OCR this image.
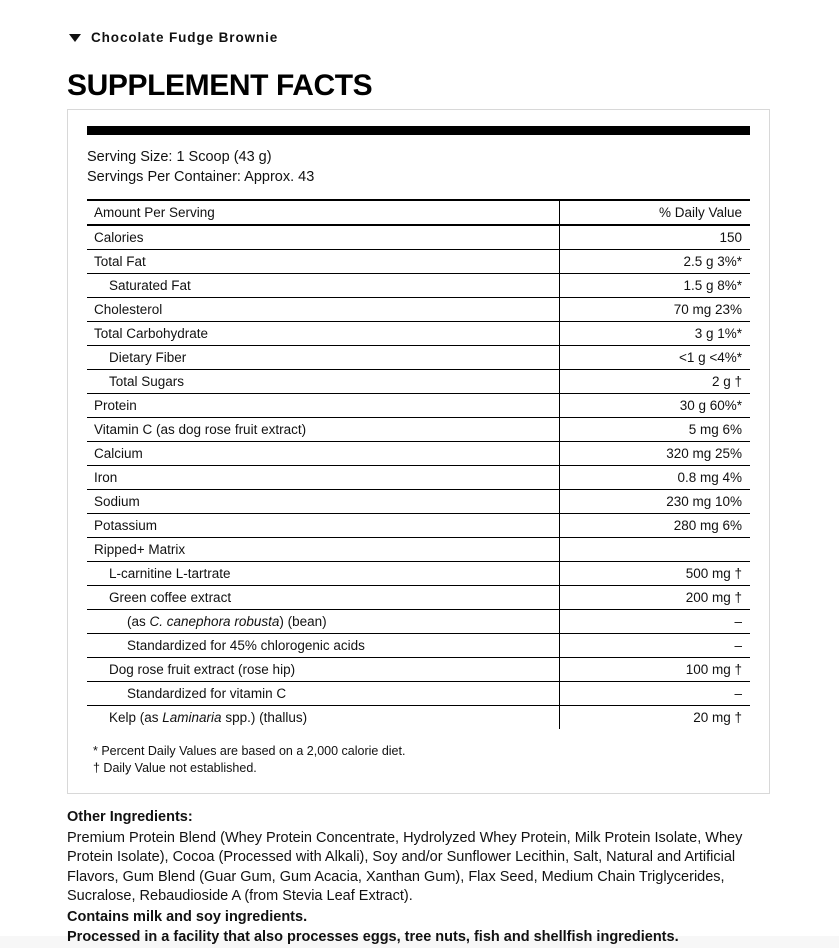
Chocolate Fudge Brownie
SUPPLEMENT FACTS
Serving Size: 1 Scoop (43 g)
Servings Per Container: Approx. 43
Amount Per Serving	% Daily Value
Calories	150
Total Fat	2.5 g 3%*
Saturated Fat	1.5 g 8%*
Cholesterol	70 mg 23%
Total Carbohydrate	3 g 1%*
Dietary Fiber	<1 g <4%*
Total Sugars	2 g †
Protein	30 g 60%*
Vitamin C (as dog rose fruit extract)	5 mg 6%
Calcium	320 mg 25%
Iron	0.8 mg 4%
Sodium	230 mg 10%
Potassium	280 mg 6%
Ripped+ Matrix	
L-carnitine L-tartrate	500 mg †
Green coffee extract	200 mg †
(as C. canephora robusta) (bean)	–
Standardized for 45% chlorogenic acids	–
Dog rose fruit extract (rose hip)	100 mg †
Standardized for vitamin C	–
Kelp (as Laminaria spp.) (thallus)	20 mg †
* Percent Daily Values are based on a 2,000 calorie diet.
† Daily Value not established.
Other Ingredients:

Premium Protein Blend (Whey Protein Concentrate, Hydrolyzed Whey Protein, Milk Protein Isolate, Whey Protein Isolate), Cocoa (Processed with Alkali), Soy and/or Sunflower Lecithin, Salt, Natural and Artificial Flavors, Gum Blend (Guar Gum, Gum Acacia, Xanthan Gum), Flax Seed, Medium Chain Triglycerides, Sucralose, Rebaudioside A (from Stevia Leaf Extract).

Contains milk and soy ingredients.

Processed in a facility that also processes eggs, tree nuts, fish and shellfish ingredients.
